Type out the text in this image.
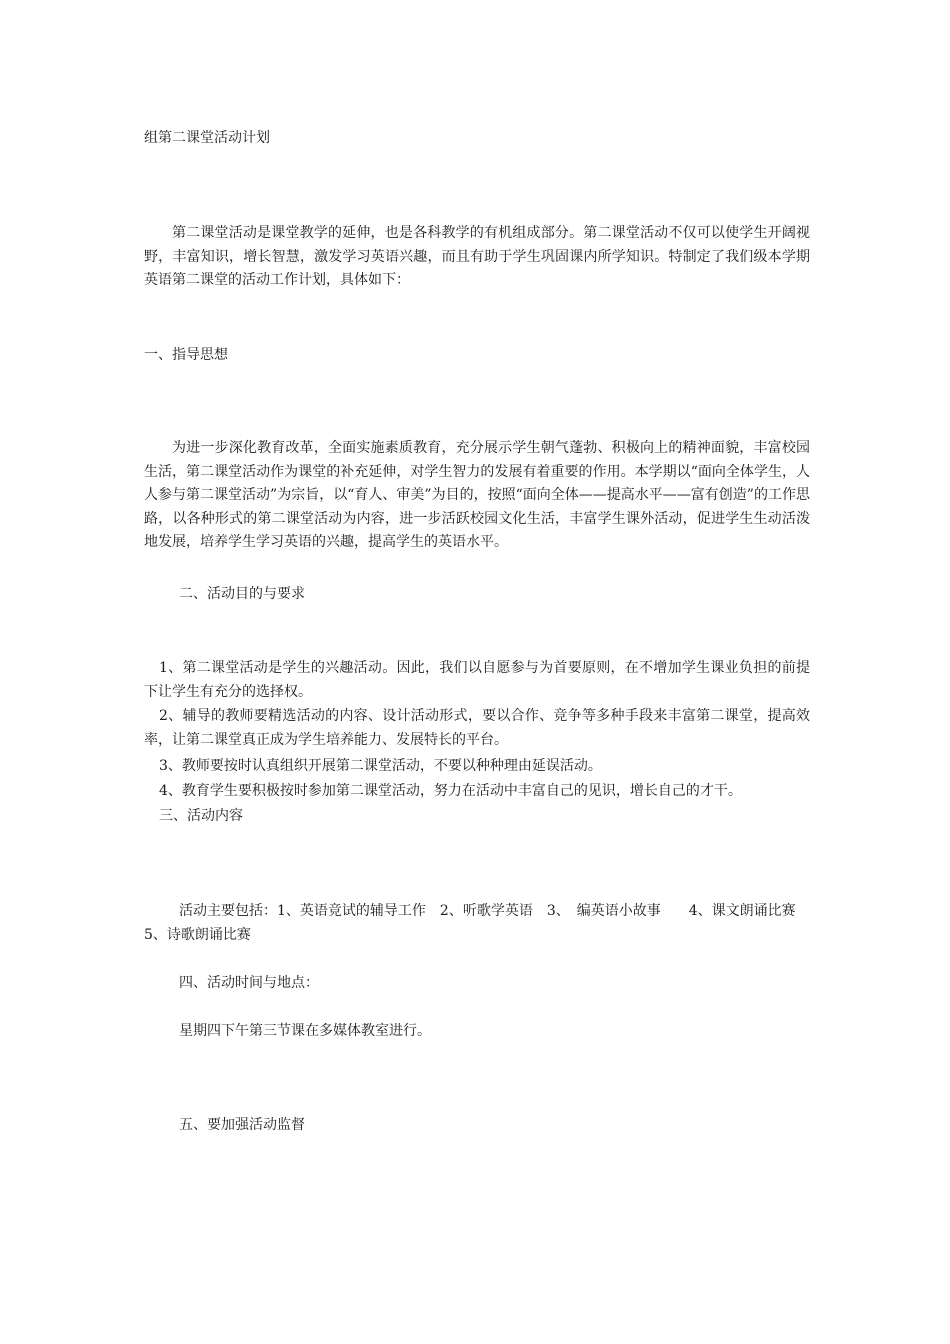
组第二课堂活动计划

第二课堂活动是课堂教学的延伸，也是各科教学的有机组成部分。第二课堂活动不仅可以使学生开阔视野，丰富知识，增长智慧，激发学习英语兴趣，而且有助于学生巩固课内所学知识。特制定了我们级本学期英语第二课堂的活动工作计划，具体如下：

一、指导思想

为进一步深化教育改革，全面实施素质教育，充分展示学生朝气蓬勃、积极向上的精神面貌，丰富校园生活，第二课堂活动作为课堂的补充延伸，对学生智力的发展有着重要的作用。本学期以“面向全体学生，人人参与第二课堂活动”为宗旨，以“育人、审美”为目的，按照“面向全体——提高水平——富有创造”的工作思路，以各种形式的第二课堂活动为内容，进一步活跃校园文化生活，丰富学生课外活动，促进学生生动活泼地发展，培养学生学习英语的兴趣，提高学生的英语水平。

二、活动目的与要求

1、第二课堂活动是学生的兴趣活动。因此，我们以自愿参与为首要原则，在不增加学生课业负担的前提下让学生有充分的选择权。

2、辅导的教师要精选活动的内容、设计活动形式，要以合作、竞争等多种手段来丰富第二课堂，提高效率，让第二课堂真正成为学生培养能力、发展特长的平台。

3、教师要按时认真组织开展第二课堂活动，不要以种种理由延误活动。

4、教育学生要积极按时参加第二课堂活动，努力在活动中丰富自己的见识，增长自己的才干。

三、活动内容

活动主要包括：1、英语竞试的辅导工作　2、听歌学英语　3、　编英语小故事　　4、课文朗诵比赛

5、诗歌朗诵比赛

四、活动时间与地点：

星期四下午第三节课在多媒体教室进行。

五、要加强活动监督
